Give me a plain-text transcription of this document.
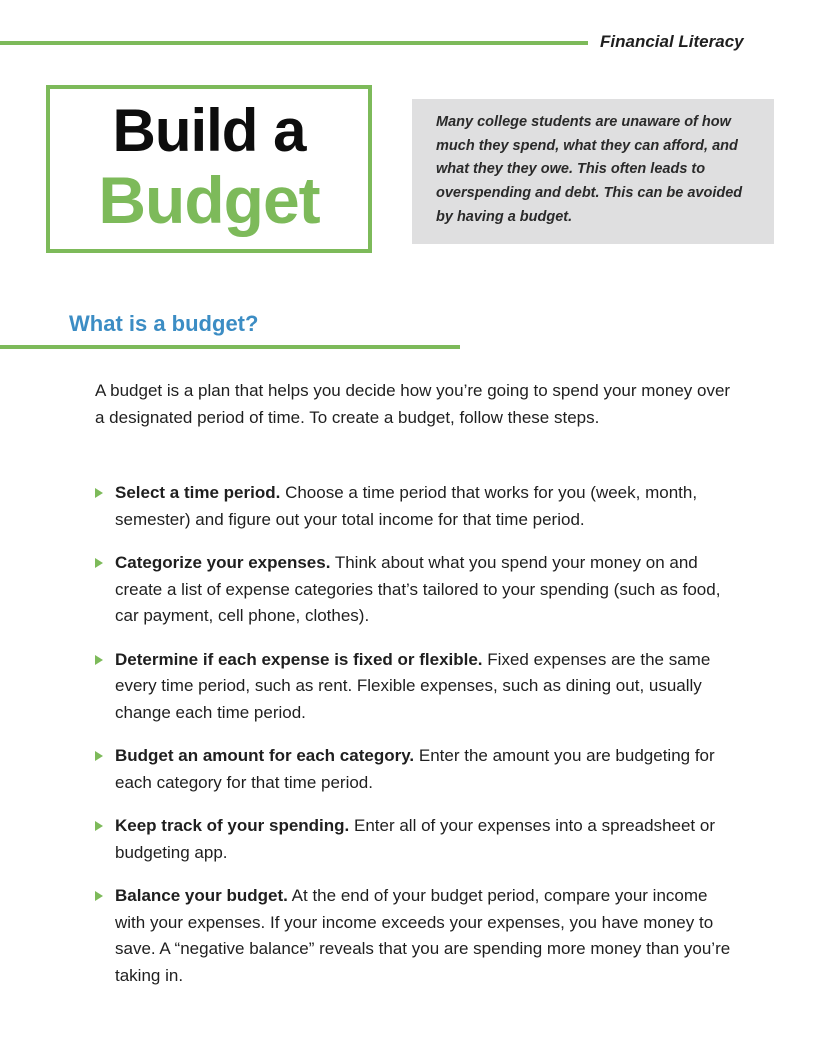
Financial Literacy
Build a
Budget
Many college students are unaware of how much they spend, what they can afford, and what they they owe. This often leads to overspending and debt. This can be avoided by having a budget.
What is a budget?
A budget is a plan that helps you decide how you’re going to spend your money over a designated period of time. To create a budget, follow these steps.
Select a time period. Choose a time period that works for you (week, month, semester) and figure out your total income for that time period.
Categorize your expenses. Think about what you spend your money on and create a list of expense categories that’s tailored to your spending (such as food, car payment, cell phone, clothes).
Determine if each expense is fixed or flexible. Fixed expenses are the same every time period, such as rent. Flexible expenses, such as dining out, usually change each time period.
Budget an amount for each category. Enter the amount you are budgeting for each category for that time period.
Keep track of your spending. Enter all of your expenses into a spreadsheet or budgeting app.
Balance your budget. At the end of your budget period, compare your income with your expenses. If your income exceeds your expenses, you have money to save. A “negative balance” reveals that you are spending more money than you’re taking in.
